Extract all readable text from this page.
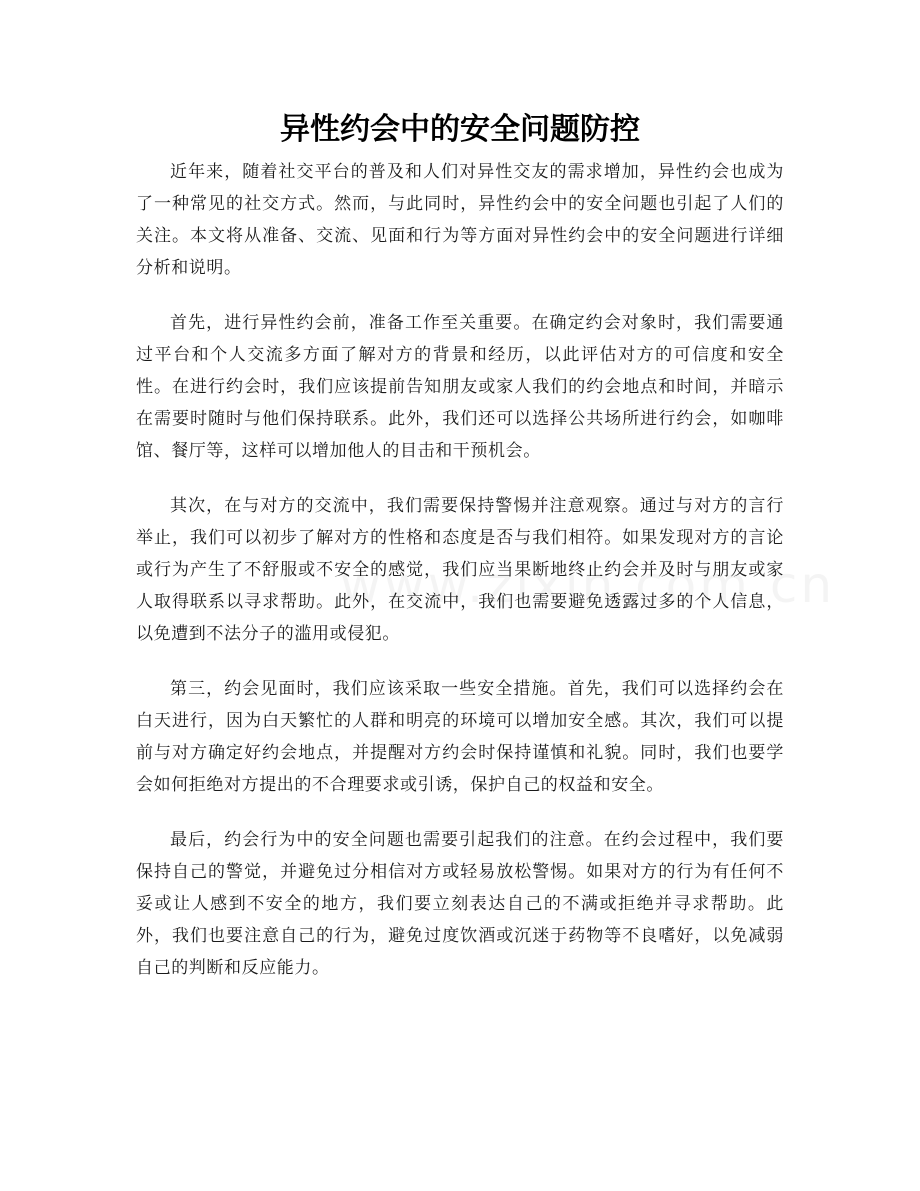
异性约会中的安全问题防控

近年来，随着社交平台的普及和人们对异性交友的需求增加，异性约会也成为了一种常见的社交方式。然而，与此同时，异性约会中的安全问题也引起了人们的关注。本文将从准备、交流、见面和行为等方面对异性约会中的安全问题进行详细分析和说明。

首先，进行异性约会前，准备工作至关重要。在确定约会对象时，我们需要通过平台和个人交流多方面了解对方的背景和经历，以此评估对方的可信度和安全性。在进行约会时，我们应该提前告知朋友或家人我们的约会地点和时间，并暗示在需要时随时与他们保持联系。此外，我们还可以选择公共场所进行约会，如咖啡馆、餐厅等，这样可以增加他人的目击和干预机会。

其次，在与对方的交流中，我们需要保持警惕并注意观察。通过与对方的言行举止，我们可以初步了解对方的性格和态度是否与我们相符。如果发现对方的言论或行为产生了不舒服或不安全的感觉，我们应当果断地终止约会并及时与朋友或家人取得联系以寻求帮助。此外，在交流中，我们也需要避免透露过多的个人信息，以免遭到不法分子的滥用或侵犯。

第三，约会见面时，我们应该采取一些安全措施。首先，我们可以选择约会在白天进行，因为白天繁忙的人群和明亮的环境可以增加安全感。其次，我们可以提前与对方确定好约会地点，并提醒对方约会时保持谨慎和礼貌。同时，我们也要学会如何拒绝对方提出的不合理要求或引诱，保护自己的权益和安全。

最后，约会行为中的安全问题也需要引起我们的注意。在约会过程中，我们要保持自己的警觉，并避免过分相信对方或轻易放松警惕。如果对方的行为有任何不妥或让人感到不安全的地方，我们要立刻表达自己的不满或拒绝并寻求帮助。此外，我们也要注意自己的行为，避免过度饮酒或沉迷于药物等不良嗜好，以免减弱自己的判断和反应能力。
